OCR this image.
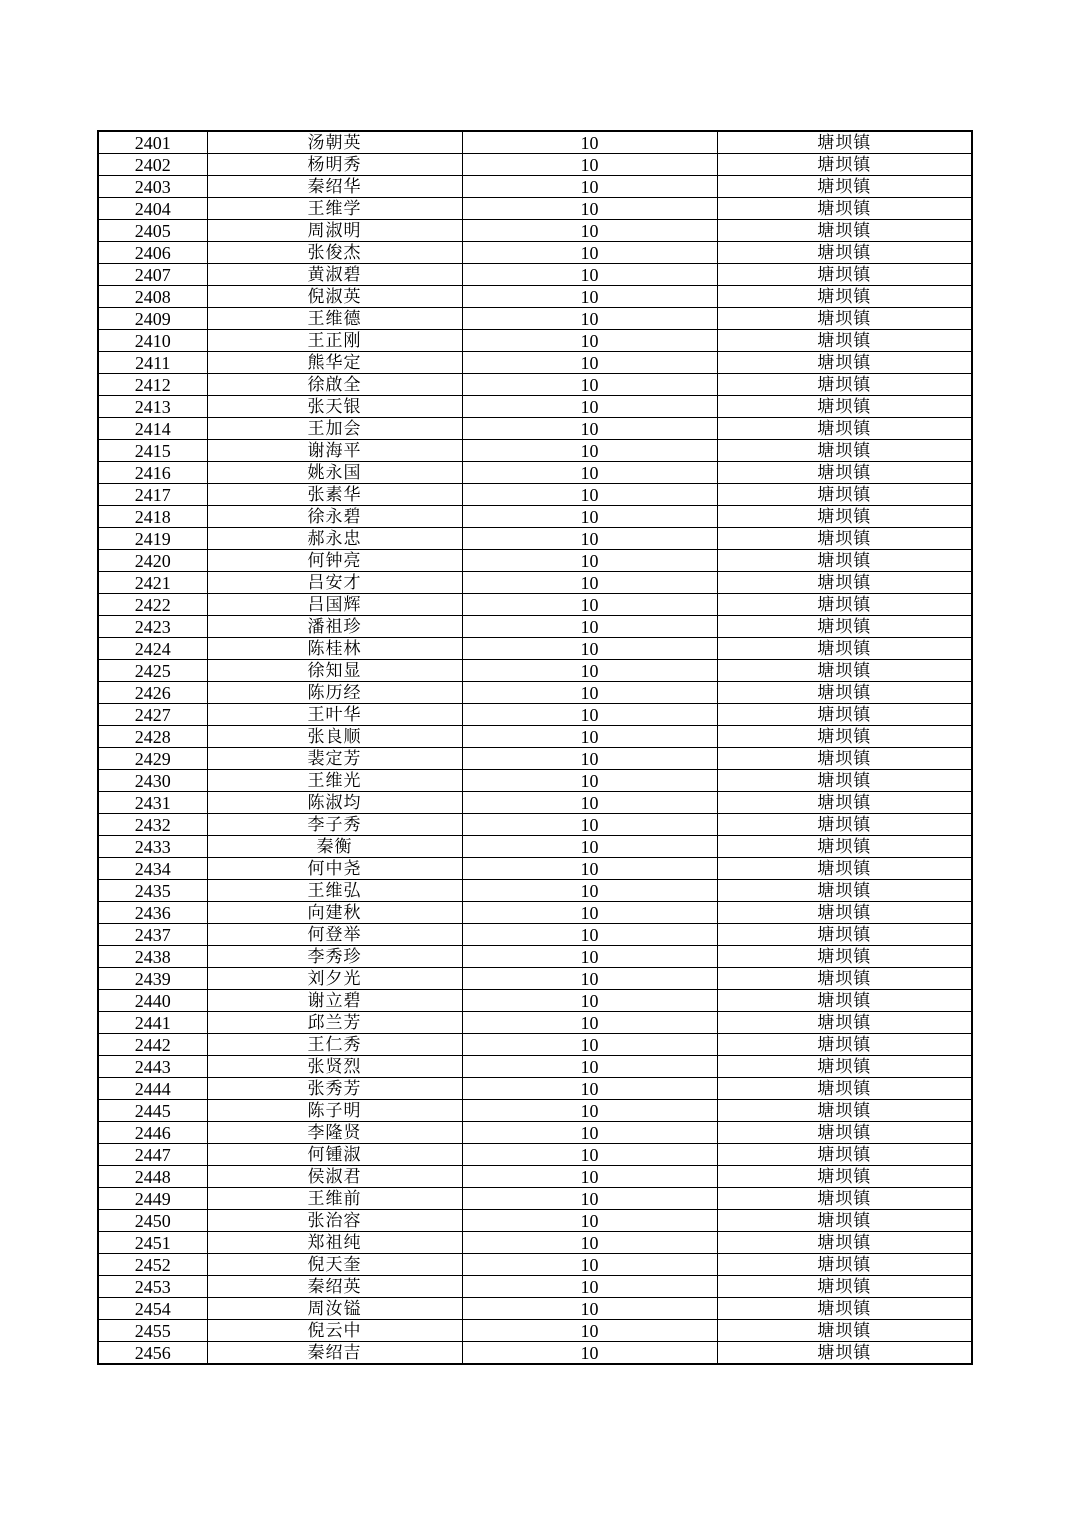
2401	汤朝英	10	塘坝镇
2402	杨明秀	10	塘坝镇
2403	秦绍华	10	塘坝镇
2404	王维学	10	塘坝镇
2405	周淑明	10	塘坝镇
2406	张俊杰	10	塘坝镇
2407	黄淑碧	10	塘坝镇
2408	倪淑英	10	塘坝镇
2409	王维德	10	塘坝镇
2410	王正刚	10	塘坝镇
2411	熊华定	10	塘坝镇
2412	徐啟全	10	塘坝镇
2413	张天银	10	塘坝镇
2414	王加会	10	塘坝镇
2415	谢海平	10	塘坝镇
2416	姚永国	10	塘坝镇
2417	张素华	10	塘坝镇
2418	徐永碧	10	塘坝镇
2419	郝永忠	10	塘坝镇
2420	何钟亮	10	塘坝镇
2421	吕安才	10	塘坝镇
2422	吕国辉	10	塘坝镇
2423	潘祖珍	10	塘坝镇
2424	陈桂林	10	塘坝镇
2425	徐知显	10	塘坝镇
2426	陈历经	10	塘坝镇
2427	王叶华	10	塘坝镇
2428	张良顺	10	塘坝镇
2429	裴定芳	10	塘坝镇
2430	王维光	10	塘坝镇
2431	陈淑均	10	塘坝镇
2432	李子秀	10	塘坝镇
2433	秦衡	10	塘坝镇
2434	何中尧	10	塘坝镇
2435	王维弘	10	塘坝镇
2436	向建秋	10	塘坝镇
2437	何登举	10	塘坝镇
2438	李秀珍	10	塘坝镇
2439	刘夕光	10	塘坝镇
2440	谢立碧	10	塘坝镇
2441	邱兰芳	10	塘坝镇
2442	王仁秀	10	塘坝镇
2443	张贤烈	10	塘坝镇
2444	张秀芳	10	塘坝镇
2445	陈子明	10	塘坝镇
2446	李隆贤	10	塘坝镇
2447	何锺淑	10	塘坝镇
2448	侯淑君	10	塘坝镇
2449	王维前	10	塘坝镇
2450	张治容	10	塘坝镇
2451	郑祖纯	10	塘坝镇
2452	倪天奎	10	塘坝镇
2453	秦绍英	10	塘坝镇
2454	周汝镒	10	塘坝镇
2455	倪云中	10	塘坝镇
2456	秦绍吉	10	塘坝镇
